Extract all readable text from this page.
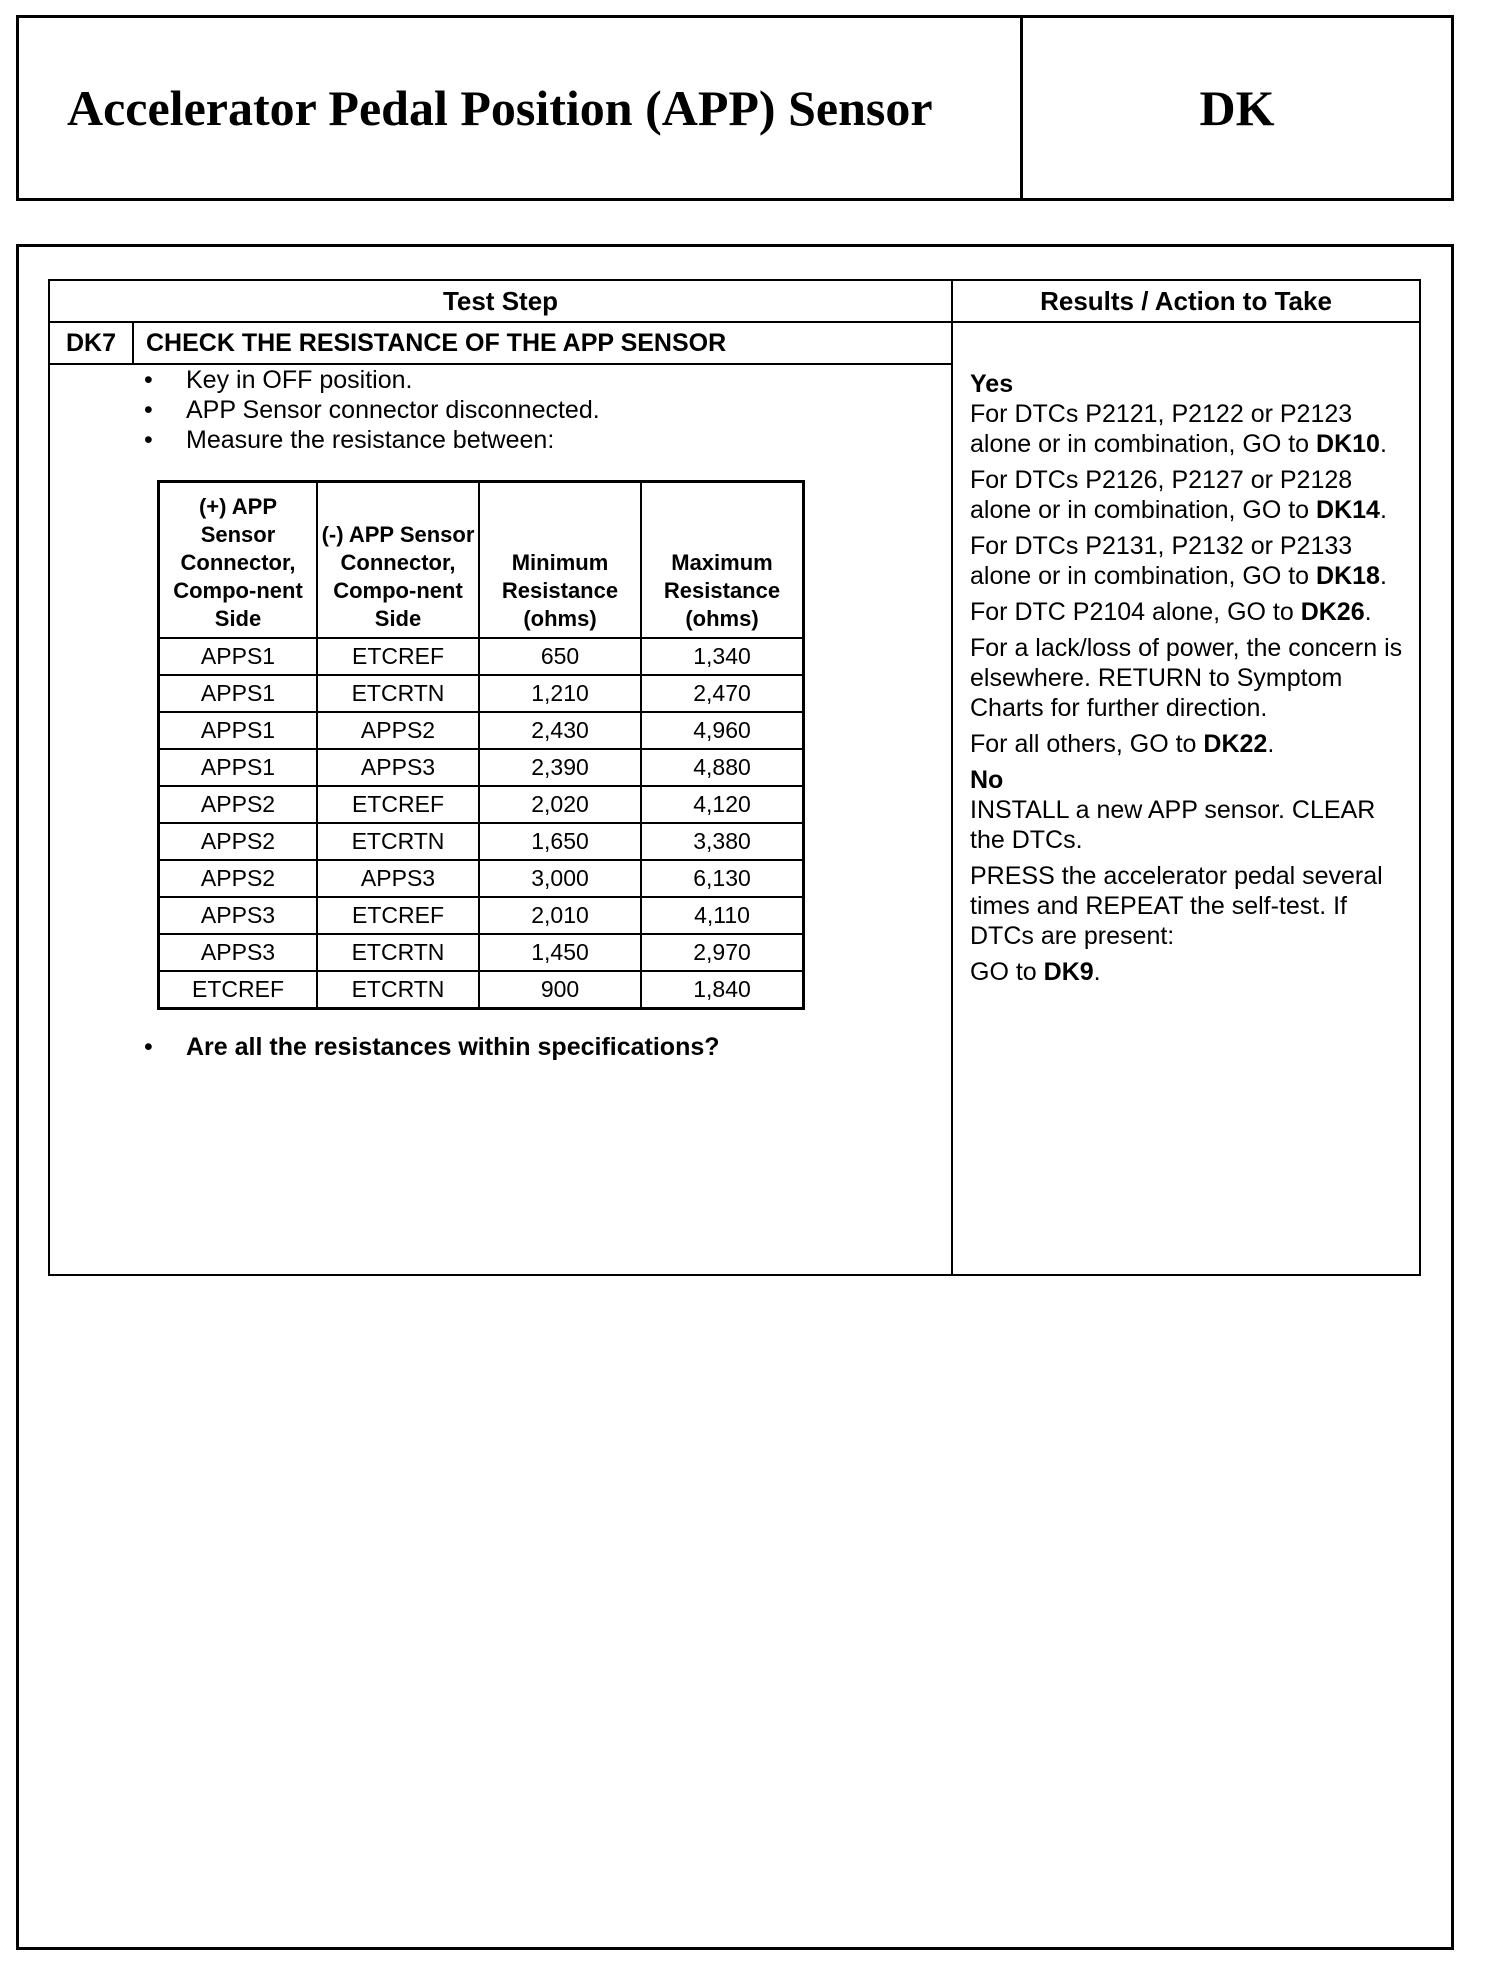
Accelerator Pedal Position (APP) Sensor	DK
Test Step	Results / Action to Take
DK7	CHECK THE RESISTANCE OF THE APP SENSOR
• Key in OFF position.
• APP Sensor connector disconnected.
• Measure the resistance between:
(+) APP Sensor Connector, Compo-nent Side	(-) APP Sensor Connector, Compo-nent Side	Minimum Resistance (ohms)	Maximum Resistance (ohms)
APPS1	ETCREF	650	1,340
APPS1	ETCRTN	1,210	2,470
APPS1	APPS2	2,430	4,960
APPS1	APPS3	2,390	4,880
APPS2	ETCREF	2,020	4,120
APPS2	ETCRTN	1,650	3,380
APPS2	APPS3	3,000	6,130
APPS3	ETCREF	2,010	4,110
APPS3	ETCRTN	1,450	2,970
ETCREF	ETCRTN	900	1,840
• Are all the resistances within specifications?

Yes
For DTCs P2121, P2122 or P2123 alone or in combination, GO to DK10.

For DTCs P2126, P2127 or P2128 alone or in combination, GO to DK14.

For DTCs P2131, P2132 or P2133 alone or in combination, GO to DK18.

For DTC P2104 alone, GO to DK26.

For a lack/loss of power, the concern is elsewhere. RETURN to Symptom Charts for further direction.

For all others, GO to DK22.

No
INSTALL a new APP sensor. CLEAR the DTCs.

PRESS the accelerator pedal several times and REPEAT the self-test. If DTCs are present:

GO to DK9.
